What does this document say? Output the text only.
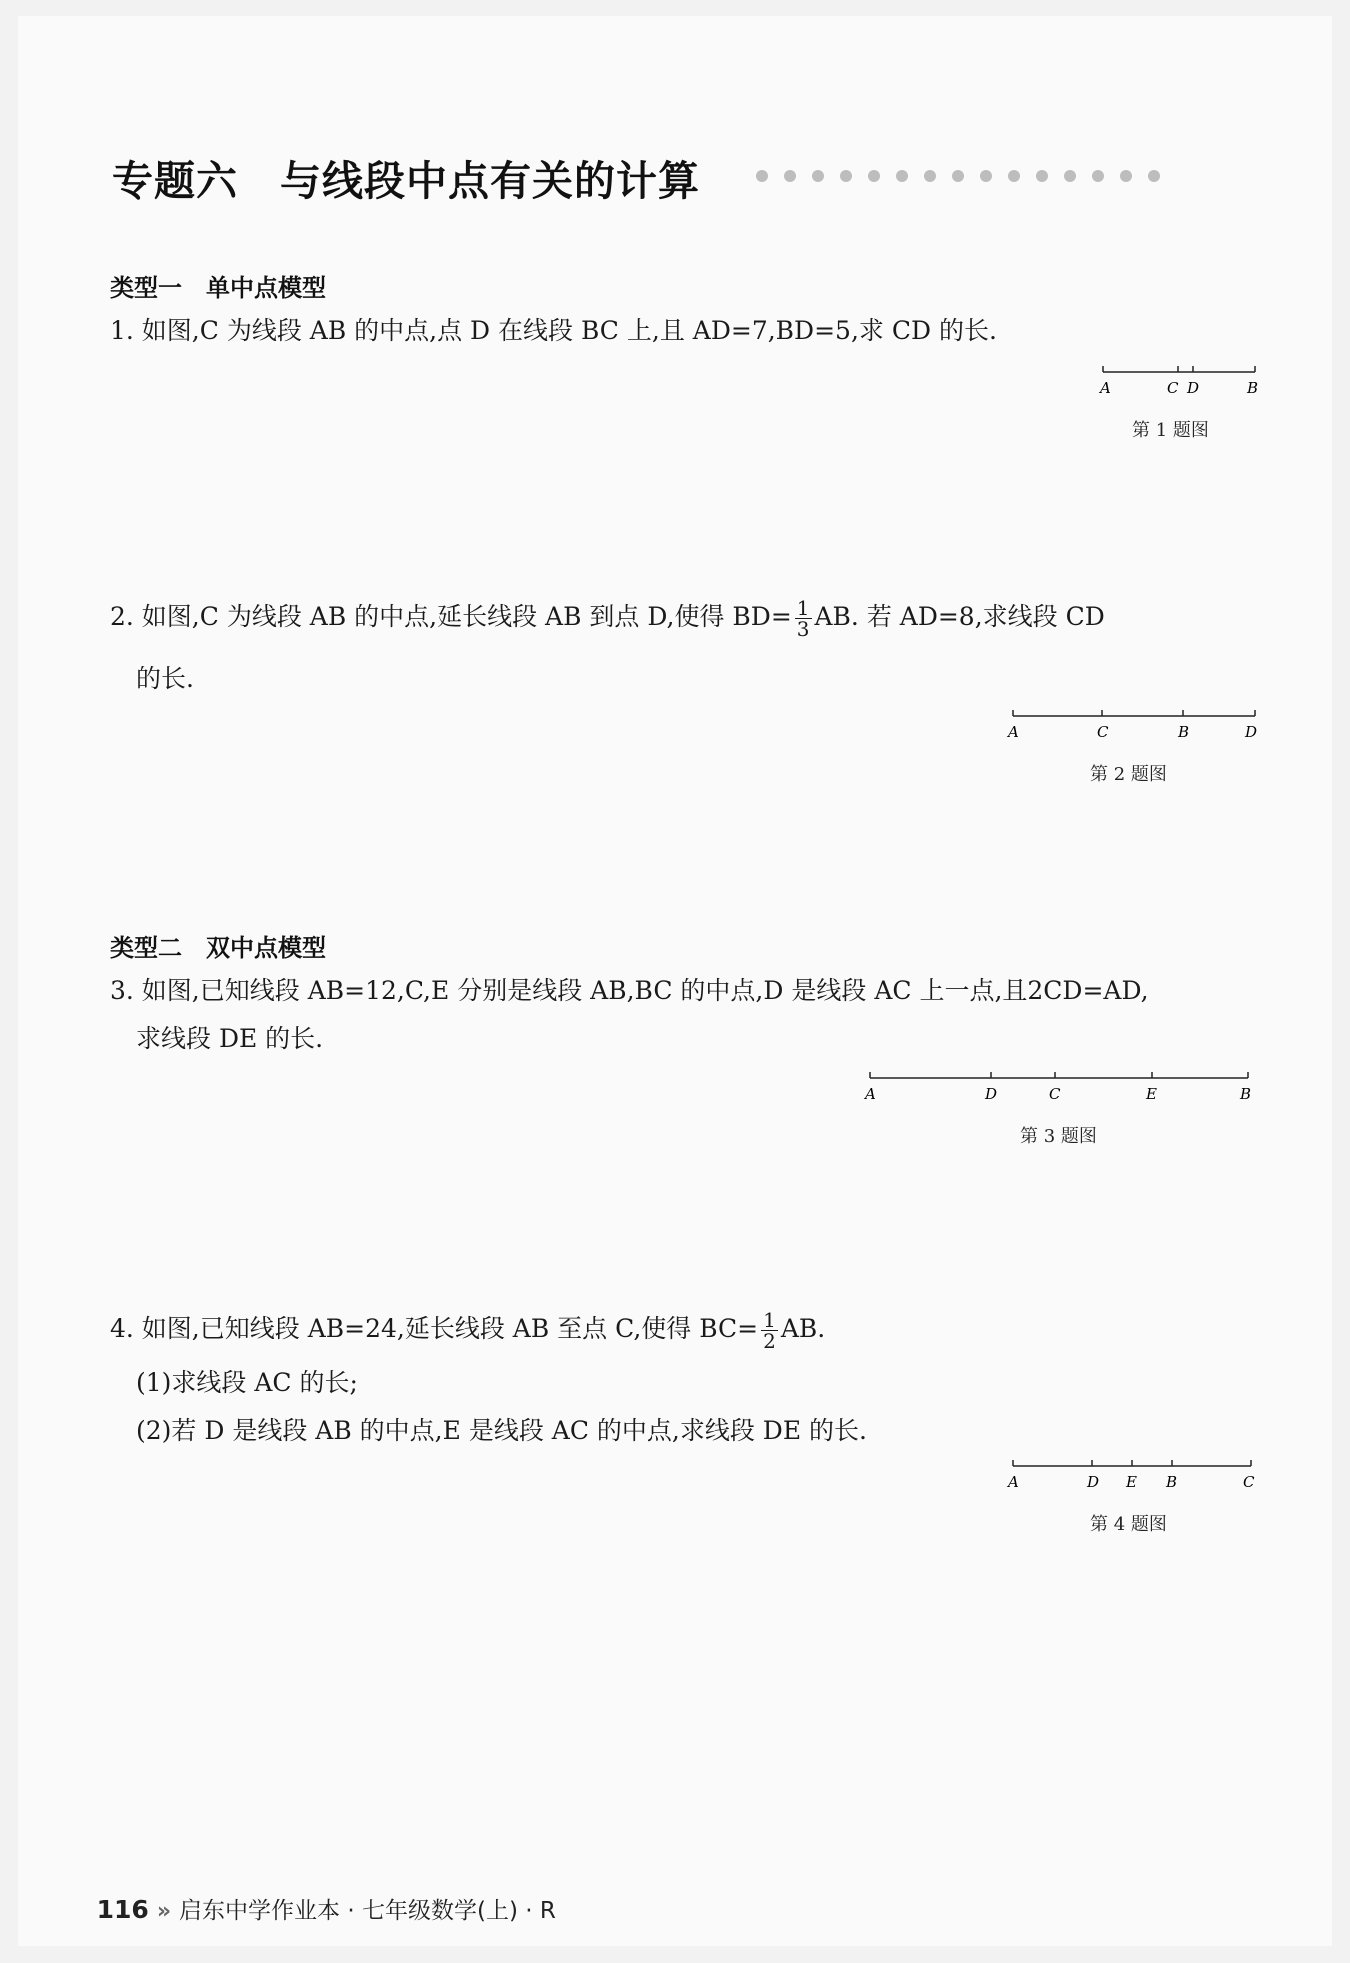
专题六　与线段中点有关的计算
类型一　单中点模型
1. 如图,C 为线段 AB 的中点,点 D 在线段 BC 上,且 AD=7,BD=5,求 CD 的长.
A	C D	B
第 1 题图
2. 如图,C 为线段 AB 的中点,延长线段 AB 到点 D,使得 $BD= \frac{1}{3}$ AB. 若 AD=8,求线段 CD
的长.
A	C	B	D
第 2 题图
类型二　双中点模型
3. 如图,已知线段 AB=12,C,E 分别是线段 AB,BC 的中点,D 是线段 AC 上一点,且2CD=AD,
求线段 DE 的长.
A	D	C	E	B
第 3 题图
4. 如图,已知线段 AB=24,延长线段 AB 至点 C,使得 $BC= \frac{1}{2}$ AB.
(1)求线段 AC 的长;
(2)若 D 是线段 AB 的中点,E 是线段 AC 的中点,求线段 DE 的长.
A	D E B	C
第 4 题图

116 » 启东中学作业本 · 七年级数学(上) · R
